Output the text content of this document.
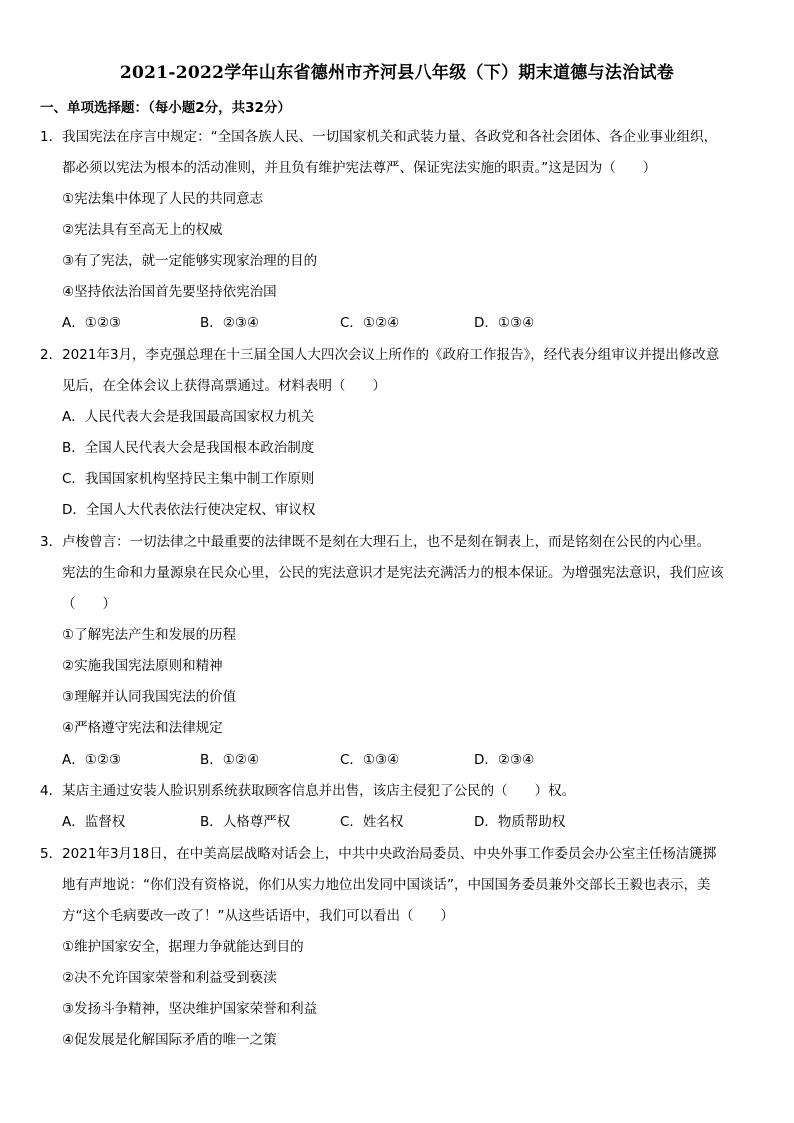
2021-2022学年山东省德州市齐河县八年级（下）期末道德与法治试卷
一、单项选择题：（每小题2分，共32分）
1．我国宪法在序言中规定：“全国各族人民、一切国家机关和武装力量、各政党和各社会团体、各企业事业组织，
都必须以宪法为根本的活动准则，并且负有维护宪法尊严、保证宪法实施的职责。”这是因为（　　）
①宪法集中体现了人民的共同意志
②宪法具有至高无上的权威
③有了宪法，就一定能够实现家治理的目的
④坚持依法治国首先要坚持依宪治国
A．①②③	B．②③④	C．①②④	D．①③④
2．2021年3月，李克强总理在十三届全国人大四次会议上所作的《政府工作报告》，经代表分组审议并提出修改意
见后，在全体会议上获得高票通过。材料表明（　　）
A．人民代表大会是我国最高国家权力机关
B．全国人民代表大会是我国根本政治制度
C．我国国家机构坚持民主集中制工作原则
D．全国人大代表依法行使决定权、审议权
3．卢梭曾言：一切法律之中最重要的法律既不是刻在大理石上，也不是刻在铜表上，而是铭刻在公民的内心里。
宪法的生命和力量源泉在民众心里，公民的宪法意识才是宪法充满活力的根本保证。为增强宪法意识，我们应该
（　　）
①了解宪法产生和发展的历程
②实施我国宪法原则和精神
③理解并认同我国宪法的价值
④严格遵守宪法和法律规定
A．①②③	B．①②④	C．①③④	D．②③④
4．某店主通过安装人脸识别系统获取顾客信息并出售，该店主侵犯了公民的（　　）权。
A．监督权	B．人格尊严权	C．姓名权	D．物质帮助权
5．2021年3月18日，在中美高层战略对话会上，中共中央政治局委员、中央外事工作委员会办公室主任杨洁篪掷
地有声地说：“你们没有资格说，你们从实力地位出发同中国谈话”，中国国务委员兼外交部长王毅也表示，美
方“这个毛病要改一改了！”从这些话语中，我们可以看出（　　）
①维护国家安全，据理力争就能达到目的
②决不允许国家荣誉和利益受到亵渎
③发扬斗争精神，坚决维护国家荣誉和利益
④促发展是化解国际矛盾的唯一之策
